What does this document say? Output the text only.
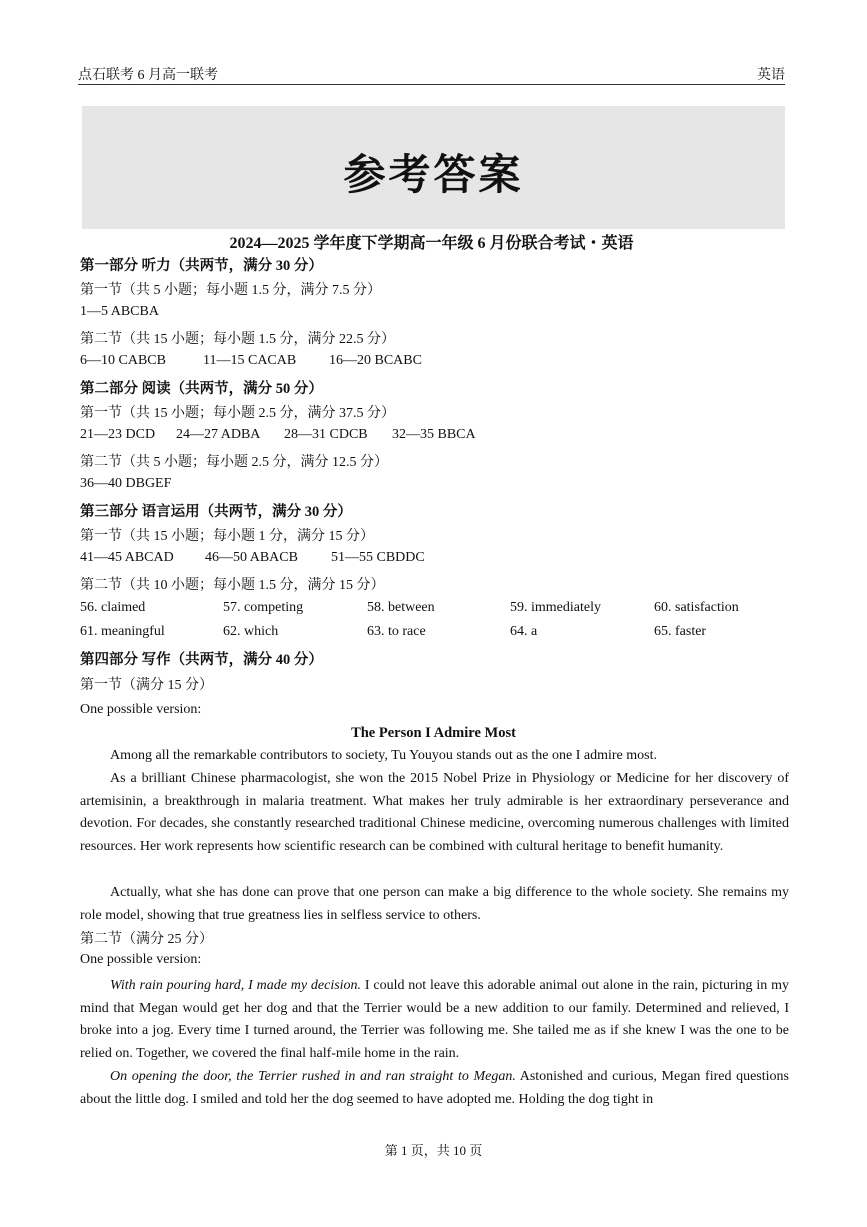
点石联考 6 月高一联考	英语
参考答案
2024—2025 学年度下学期高一年级 6 月份联合考试・英语
第一部分 听力（共两节，满分 30 分）
第一节（共 5 小题；每小题 1.5 分，满分 7.5 分）
1—5 ABCBA
第二节（共 15 小题；每小题 1.5 分，满分 22.5 分）
6—10 CABCB	11—15 CACAB 16—20 BCABC
第二部分 阅读（共两节，满分 50 分）
第一节（共 15 小题；每小题 2.5 分，满分 37.5 分）
21—23 DCD 24—27 ADBA 28—31 CDCB 32—35 BBCA
第二节（共 5 小题；每小题 2.5 分，满分 12.5 分）
36—40 DBGEF
第三部分 语言运用（共两节，满分 30 分）
第一节（共 15 小题；每小题 1 分，满分 15 分）
41—45 ABCAD 46—50 ABACB 51—55 CBDDC
第二节（共 10 小题；每小题 1.5 分，满分 15 分）
56. claimed	57. competing	58. between	59. immediately	60. satisfaction
61. meaningful	62. which	63. to race	64. a	65. faster
第四部分 写作（共两节，满分 40 分）
第一节（满分 15 分）
One possible version:
The Person I Admire Most

Among all the remarkable contributors to society, Tu Youyou stands out as the one I admire most.

As a brilliant Chinese pharmacologist, she won the 2015 Nobel Prize in Physiology or Medicine for her discovery of artemisinin, a breakthrough in malaria treatment. What makes her truly admirable is her extraordinary perseverance and devotion. For decades, she constantly researched traditional Chinese medicine, overcoming numerous challenges with limited resources. Her work represents how scientific research can be combined with cultural heritage to benefit humanity.

Actually, what she has done can prove that one person can make a big difference to the whole society. She remains my role model, showing that true greatness lies in selfless service to others.

第二节（满分 25 分）
One possible version:

With rain pouring hard, I made my decision. I could not leave this adorable animal out alone in the rain, picturing in my mind that Megan would get her dog and that the Terrier would be a new addition to our family. Determined and relieved, I broke into a jog. Every time I turned around, the Terrier was following me. She tailed me as if she knew I was the one to be relied on. Together, we covered the final half-mile home in the rain.

On opening the door, the Terrier rushed in and ran straight to Megan. Astonished and curious, Megan fired questions about the little dog. I smiled and told her the dog seemed to have adopted me. Holding the dog tight in

第 1 页，共 10 页
